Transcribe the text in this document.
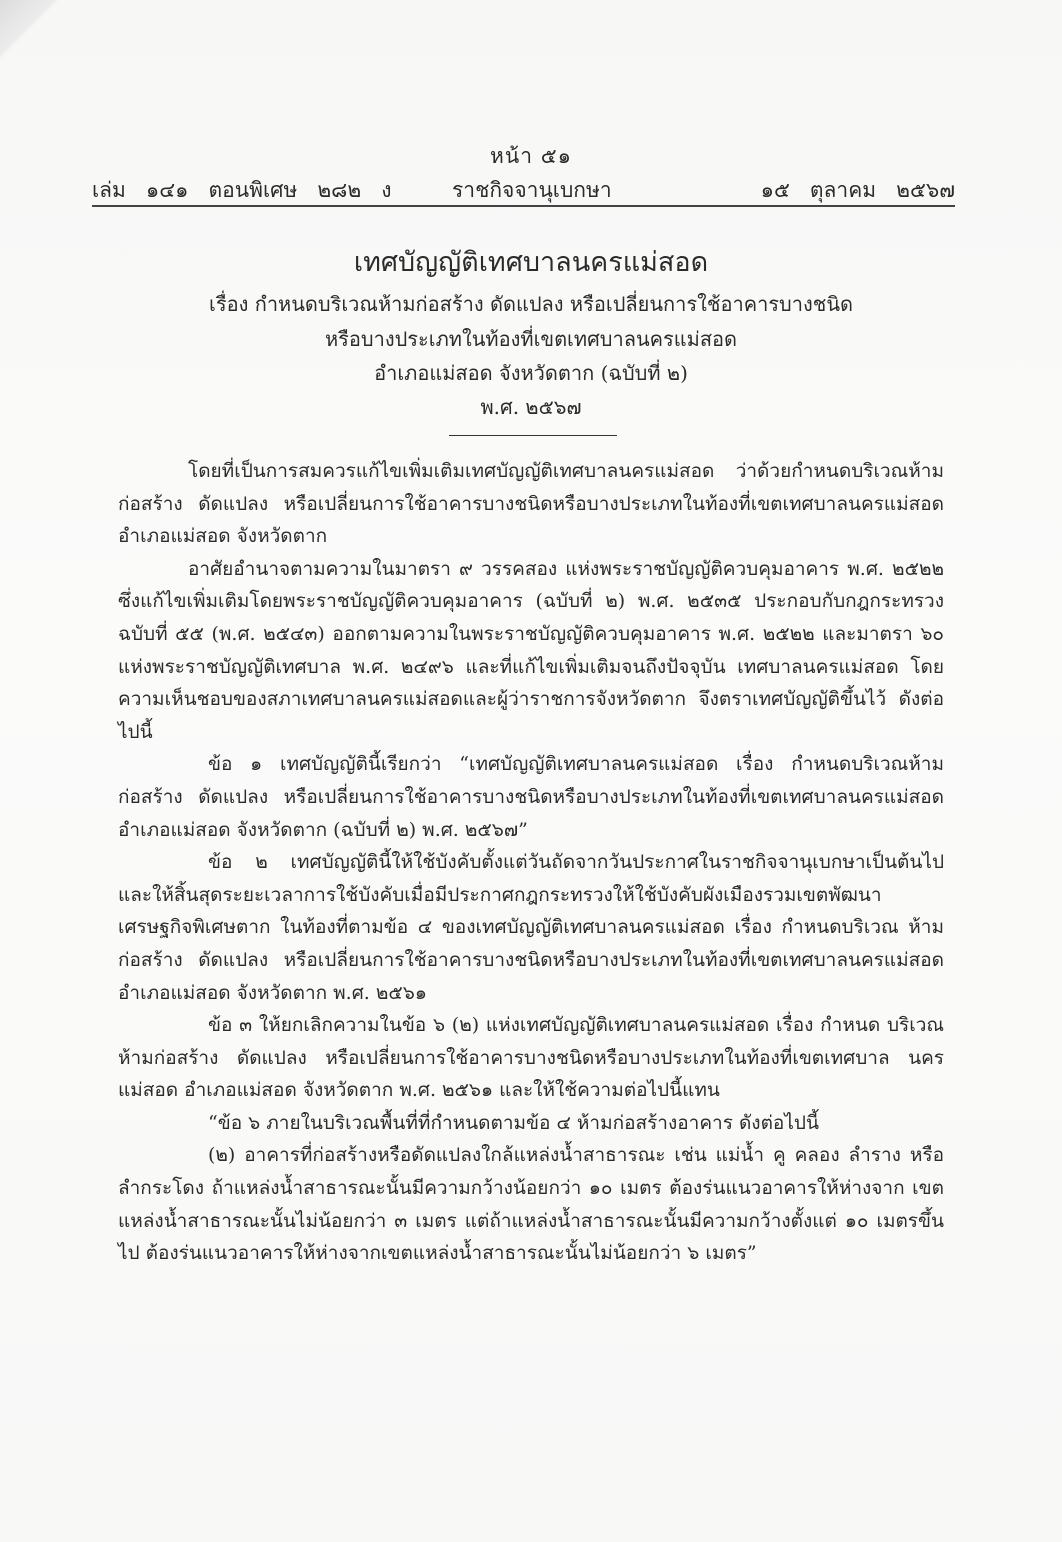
หน้า ๕๑
เล่ม   ๑๔๑   ตอนพิเศษ   ๒๘๒   ง	ราชกิจจานุเบกษา	๑๕   ตุลาคม   ๒๕๖๗
เทศบัญญัติเทศบาลนครแม่สอด
เรื่อง กำหนดบริเวณห้ามก่อสร้าง ดัดแปลง หรือเปลี่ยนการใช้อาคารบางชนิด
หรือบางประเภทในท้องที่เขตเทศบาลนครแม่สอด
อำเภอแม่สอด จังหวัดตาก (ฉบับที่ ๒)
พ.ศ. ๒๕๖๗

โดยที่เป็นการสมควรแก้ไขเพิ่มเติมเทศบัญญัติเทศบาลนครแม่สอด ว่าด้วยกำหนดบริเวณห้ามก่อสร้าง ดัดแปลง หรือเปลี่ยนการใช้อาคารบางชนิดหรือบางประเภทในท้องที่เขตเทศบาลนครแม่สอด อำเภอแม่สอด จังหวัดตาก

อาศัยอำนาจตามความในมาตรา ๙ วรรคสอง แห่งพระราชบัญญัติควบคุมอาคาร พ.ศ. ๒๕๒๒ ซึ่งแก้ไขเพิ่มเติมโดยพระราชบัญญัติควบคุมอาคาร (ฉบับที่ ๒) พ.ศ. ๒๕๓๕ ประกอบกับกฎกระทรวง ฉบับที่ ๕๕ (พ.ศ. ๒๕๔๓) ออกตามความในพระราชบัญญัติควบคุมอาคาร พ.ศ. ๒๕๒๒ และมาตรา ๖๐ แห่งพระราชบัญญัติเทศบาล พ.ศ. ๒๔๙๖ และที่แก้ไขเพิ่มเติมจนถึงปัจจุบัน เทศบาลนครแม่สอด โดยความเห็นชอบของสภาเทศบาลนครแม่สอดและผู้ว่าราชการจังหวัดตาก จึงตราเทศบัญญัติขึ้นไว้ ดังต่อไปนี้

ข้อ ๑ เทศบัญญัตินี้เรียกว่า “เทศบัญญัติเทศบาลนครแม่สอด เรื่อง กำหนดบริเวณห้ามก่อสร้าง ดัดแปลง หรือเปลี่ยนการใช้อาคารบางชนิดหรือบางประเภทในท้องที่เขตเทศบาลนครแม่สอด อำเภอแม่สอด จังหวัดตาก (ฉบับที่ ๒) พ.ศ. ๒๕๖๗”

ข้อ ๒ เทศบัญญัตินี้ให้ใช้บังคับตั้งแต่วันถัดจากวันประกาศในราชกิจจานุเบกษาเป็นต้นไป และให้สิ้นสุดระยะเวลาการใช้บังคับเมื่อมีประกาศกฎกระทรวงให้ใช้บังคับผังเมืองรวมเขตพัฒนา เศรษฐกิจพิเศษตาก ในท้องที่ตามข้อ ๔ ของเทศบัญญัติเทศบาลนครแม่สอด เรื่อง กำหนดบริเวณ ห้ามก่อสร้าง ดัดแปลง หรือเปลี่ยนการใช้อาคารบางชนิดหรือบางประเภทในท้องที่เขตเทศบาลนครแม่สอด อำเภอแม่สอด จังหวัดตาก พ.ศ. ๒๕๖๑

ข้อ ๓ ให้ยกเลิกความในข้อ ๖ (๒) แห่งเทศบัญญัติเทศบาลนครแม่สอด เรื่อง กำหนด บริเวณห้ามก่อสร้าง ดัดแปลง หรือเปลี่ยนการใช้อาคารบางชนิดหรือบางประเภทในท้องที่เขตเทศบาล นครแม่สอด อำเภอแม่สอด จังหวัดตาก พ.ศ. ๒๕๖๑ และให้ใช้ความต่อไปนี้แทน

“ข้อ ๖ ภายในบริเวณพื้นที่ที่กำหนดตามข้อ ๔ ห้ามก่อสร้างอาคาร ดังต่อไปนี้

(๒) อาคารที่ก่อสร้างหรือดัดแปลงใกล้แหล่งน้ำสาธารณะ เช่น แม่น้ำ คู คลอง ลำราง หรือ ลำกระโดง ถ้าแหล่งน้ำสาธารณะนั้นมีความกว้างน้อยกว่า ๑๐ เมตร ต้องร่นแนวอาคารให้ห่างจาก เขตแหล่งน้ำสาธารณะนั้นไม่น้อยกว่า ๓ เมตร แต่ถ้าแหล่งน้ำสาธารณะนั้นมีความกว้างตั้งแต่ ๑๐ เมตรขึ้นไป ต้องร่นแนวอาคารให้ห่างจากเขตแหล่งน้ำสาธารณะนั้นไม่น้อยกว่า ๖ เมตร”
